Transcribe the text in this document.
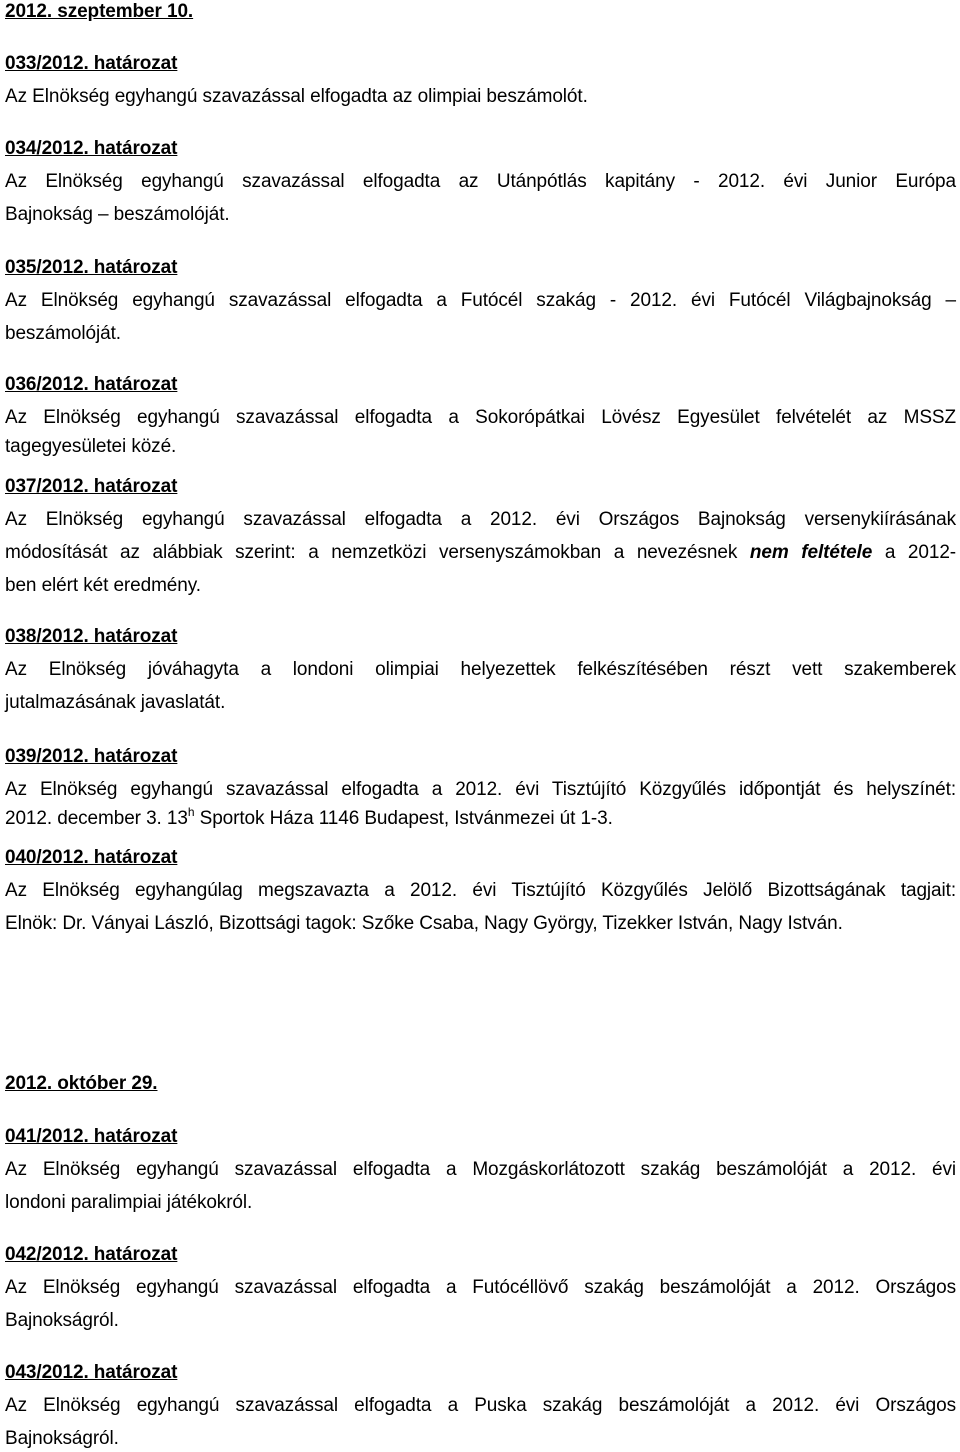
2012. szeptember 10.
033/2012. határozat
Az Elnökség egyhangú szavazással elfogadta az olimpiai beszámolót.
034/2012. határozat
Az Elnökség egyhangú szavazással elfogadta az Utánpótlás kapitány - 2012. évi Junior Európa
Bajnokság – beszámolóját.
035/2012. határozat
Az Elnökség egyhangú szavazással elfogadta a Futócél szakág - 2012. évi Futócél Világbajnokság –
beszámolóját.
036/2012. határozat
Az Elnökség egyhangú szavazással elfogadta a Sokorópátkai Lövész Egyesület felvételét az MSSZ
tagegyesületei közé.
037/2012. határozat
Az Elnökség egyhangú szavazással elfogadta a 2012. évi Országos Bajnokság versenykiírásának
módosítását az alábbiak szerint: a nemzetközi versenyszámokban a nevezésnek nem feltétele a 2012-
ben elért két eredmény.
038/2012. határozat
Az Elnökség jóváhagyta a londoni olimpiai helyezettek felkészítésében részt vett szakemberek
jutalmazásának javaslatát.
039/2012. határozat
Az Elnökség egyhangú szavazással elfogadta a 2012. évi Tisztújító Közgyűlés időpontját és helyszínét:
2012. december 3. 13$^h$ Sportok Háza 1146 Budapest, Istvánmezei út 1-3.
040/2012. határozat
Az Elnökség egyhangúlag megszavazta a 2012. évi Tisztújító Közgyűlés Jelölő Bizottságának tagjait:
Elnök: Dr. Ványai László, Bizottsági tagok: Szőke Csaba, Nagy György, Tizekker István, Nagy István.
2012. október 29.
041/2012. határozat
Az Elnökség egyhangú szavazással elfogadta a Mozgáskorlátozott szakág beszámolóját a 2012. évi
londoni paralimpiai játékokról.
042/2012. határozat
Az Elnökség egyhangú szavazással elfogadta a Futócéllövő szakág beszámolóját a 2012. Országos
Bajnokságról.
043/2012. határozat
Az Elnökség egyhangú szavazással elfogadta a Puska szakág beszámolóját a 2012. évi Országos
Bajnokságról.
